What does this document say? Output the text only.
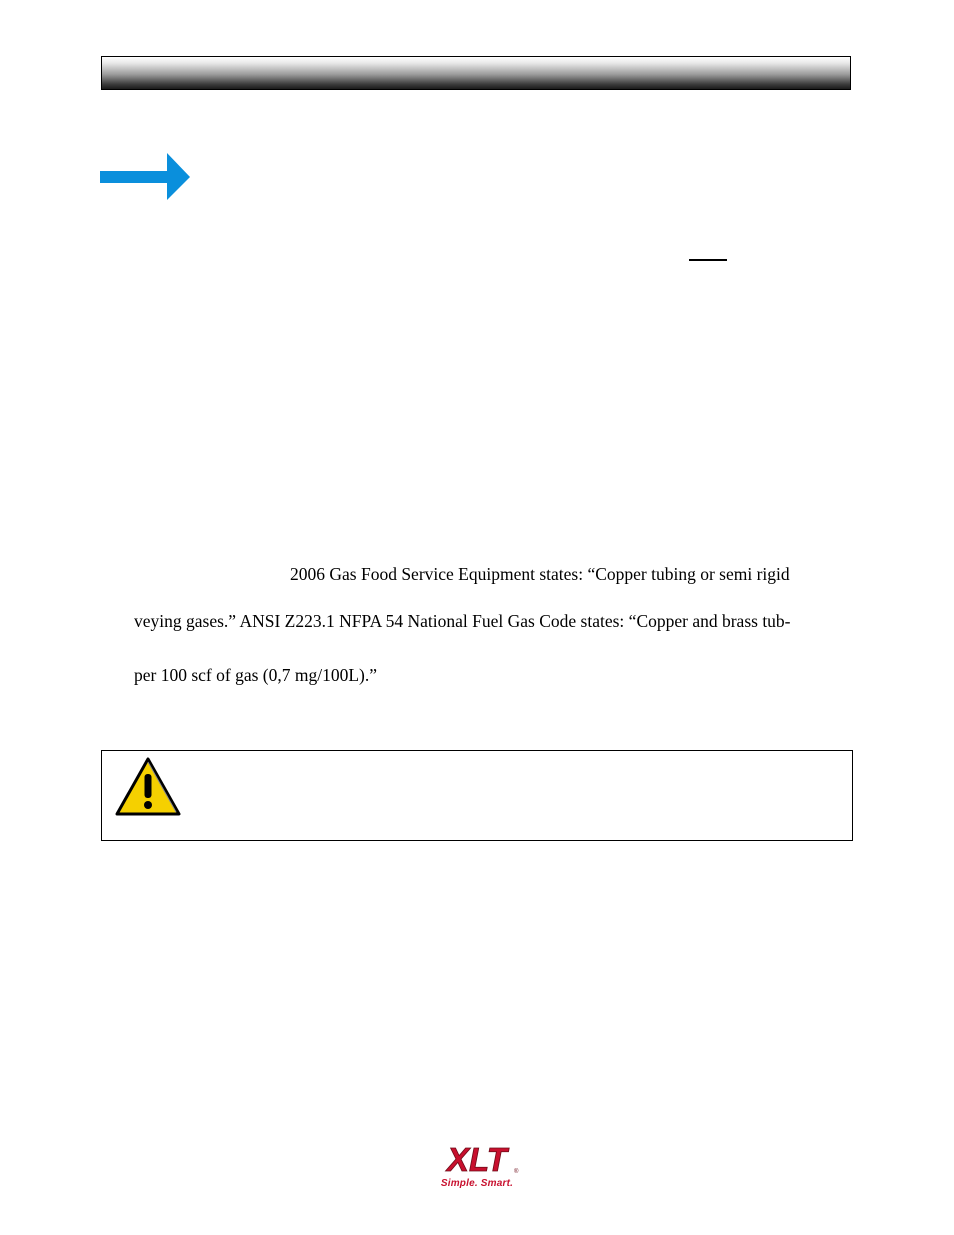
2006 Gas Food Service Equipment states: “Copper tubing or semi rigid
veying gases.” ANSI Z223.1 NFPA 54 National Fuel Gas Code states: “Copper and brass tub-
per 100 scf of gas (0,7 mg/100L).”
XLT	®
Simple. Smart.
